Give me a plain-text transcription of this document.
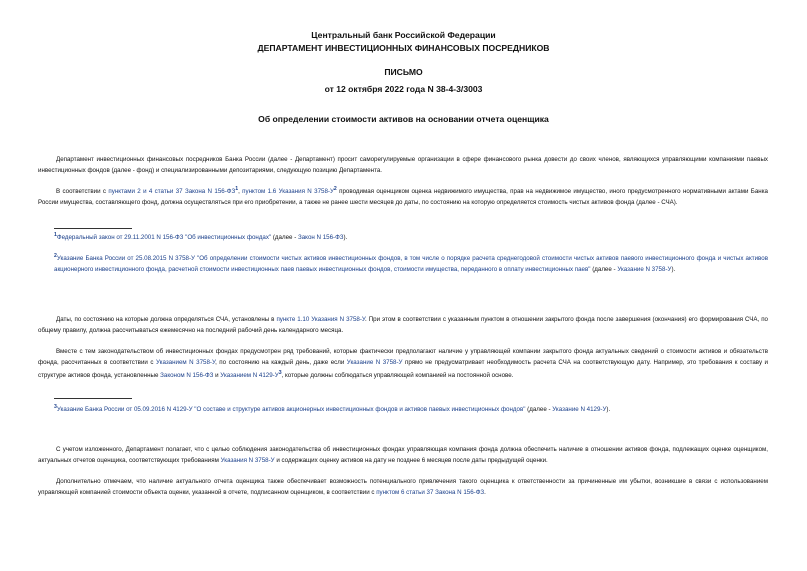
Центральный банк Российской Федерации
ДЕПАРТАМЕНТ ИНВЕСТИЦИОННЫХ ФИНАНСОВЫХ ПОСРЕДНИКОВ
ПИСЬМО
от 12 октября 2022 года N 38-4-3/3003
Об определении стоимости активов на основании отчета оценщика

Департамент инвестиционных финансовых посредников Банка России (далее - Департамент) просит саморегулируемые организации в сфере финансового рынка довести до своих членов, являющихся управляющими компаниями паевых инвестиционных фондов (далее - фонд) и специализированными депозитариями, следующую позицию Департамента.

В соответствии с пунктами 2 и 4 статьи 37 Закона N $156-ФЗ^1$, пунктом 1.6 Указания N $3758-У^2$ проводимая оценщиком оценка недвижимого имущества, прав на недвижимое имущество, иного предусмотренного нормативными актами Банка России имущества, составляющего фонд, должна осуществляться при его приобретении, а также не ранее шести месяцев до даты, по состоянию на которую определяется стоимость чистых активов фонда (далее - СЧА).

$^1$Федеральный закон от 29.11.2001 N 156-ФЗ "Об инвестиционных фондах" (далее - Закон N 156-ФЗ).

$^2$Указание Банка России от 25.08.2015 N 3758-У "Об определении стоимости чистых активов инвестиционных фондов, в том числе о порядке расчета среднегодовой стоимости чистых активов паевого инвестиционного фонда и чистых активов акционерного инвестиционного фонда, расчетной стоимости инвестиционных паев паевых инвестиционных фондов, стоимости имущества, переданного в оплату инвестиционных паев" (далее - Указание N 3758-У).

Даты, по состоянию на которые должна определяться СЧА, установлены в пункте 1.10 Указания N 3758-У. При этом в соответствии с указанным пунктом в отношении закрытого фонда после завершения (окончания) его формирования СЧА, по общему правилу, должна рассчитываться ежемесячно на последний рабочий день календарного месяца.

Вместе с тем законодательством об инвестиционных фондах предусмотрен ряд требований, которые фактически предполагают наличие у управляющей компании закрытого фонда актуальных сведений о стоимости активов и обязательств фонда, рассчитанных в соответствии с Указанием N 3758-У, по состоянию на каждый день, даже если Указание N 3758-У прямо не предусматривает необходимость расчета СЧА на соответствующую дату. Например, это требования к составу и структуре активов фонда, установленные Законом N 156-ФЗ и Указанием N $4129-У^3$, которые должны соблюдаться управляющей компанией на постоянной основе.

$^3$Указание Банка России от 05.09.2016 N 4129-У "О составе и структуре активов акционерных инвестиционных фондов и активов паевых инвестиционных фондов" (далее - Указание N 4129-У).

С учетом изложенного, Департамент полагает, что с целью соблюдения законодательства об инвестиционных фондах управляющая компания фонда должна обеспечить наличие в отношении активов фонда, подлежащих оценке оценщиком, актуальных отчетов оценщика, соответствующих требованиям Указания N 3758-У и содержащих оценку активов на дату не позднее 6 месяцев после даты предыдущей оценки.

Дополнительно отмечаем, что наличие актуального отчета оценщика также обеспечивает возможность потенциального привлечения такого оценщика к ответственности за причиненные им убытки, возникшие в связи с использованием управляющей компанией стоимости объекта оценки, указанной в отчете, подписанном оценщиком, в соответствии с пунктом 6 статьи 37 Закона N 156-ФЗ.
